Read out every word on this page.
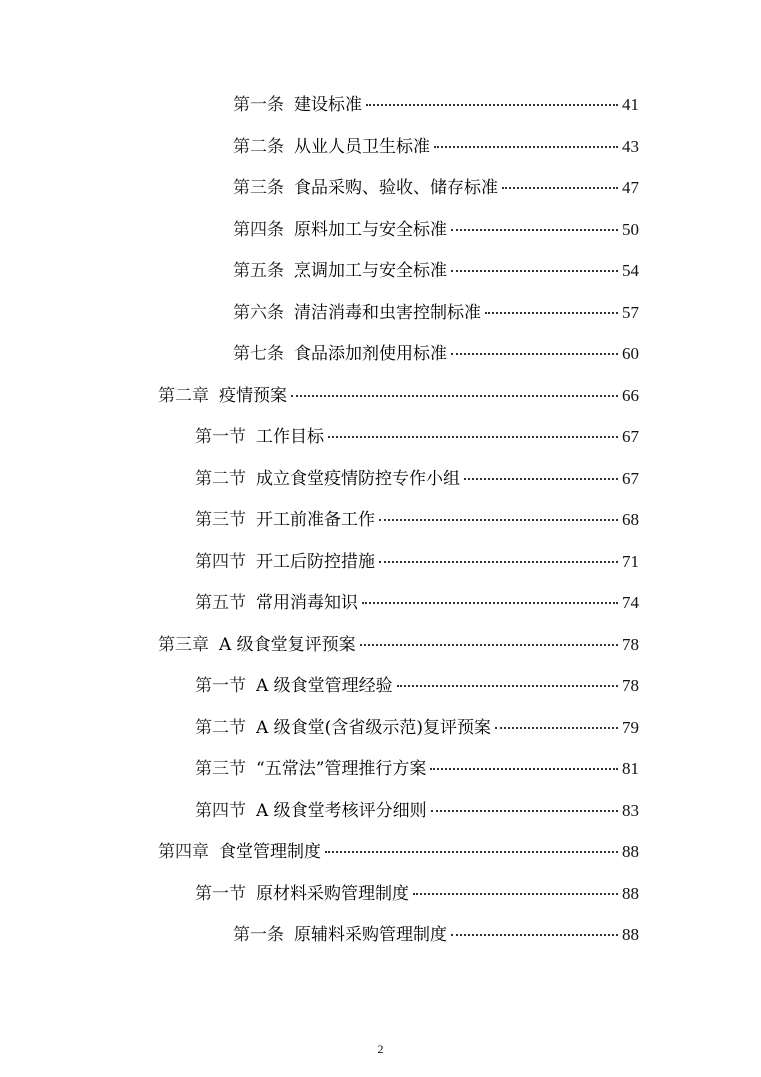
第一条 建设标准	41
第二条 从业人员卫生标准	43
第三条 食品采购、验收、储存标准	47
第四条 原料加工与安全标准	50
第五条 烹调加工与安全标准	54
第六条 清洁消毒和虫害控制标准	57
第七条 食品添加剂使用标准	60
第二章 疫情预案	66
第一节 工作目标	67
第二节 成立食堂疫情防控专作小组	67
第三节 开工前准备工作	68
第四节 开工后防控措施	71
第五节 常用消毒知识	74
第三章 A 级食堂复评预案	78
第一节 A 级食堂管理经验	78
第二节 A 级食堂(含省级示范)复评预案	79
第三节 “五常法”管理推行方案	81
第四节 A 级食堂考核评分细则	83
第四章 食堂管理制度	88
第一节 原材料采购管理制度	88
第一条 原辅料采购管理制度	88
2
